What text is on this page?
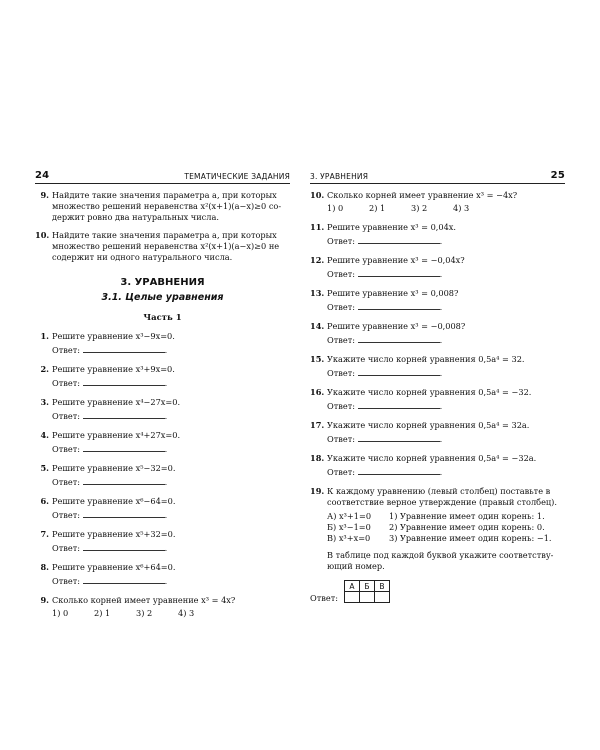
24	ТЕМАТИЧЕСКИЕ ЗАДАНИЯ

9. Найдите такие значения параметра a, при которых

множество решений неравенства x²(x+1)(a−x)≥0 со-

держит ровно два натуральных числа.

10. Найдите такие значения параметра a, при которых

множество решений неравенства x²(x+1)(a−x)≥0 не

содержит ни одного натурального числа.

3. УРАВНЕНИЯ
3.1. Целые уравнения
Часть 1

1. Решите уравнение x³−9x=0.

Ответ:	.

2. Решите уравнение x³+9x=0.

Ответ:	.

3. Решите уравнение x⁴−27x=0.

Ответ:	.

4. Решите уравнение x⁴+27x=0.

Ответ:	.

5. Решите уравнение x⁵−32=0.

Ответ:	.

6. Решите уравнение x⁶−64=0.

Ответ:	.

7. Решите уравнение x⁵+32=0.

Ответ:	.

8. Решите уравнение x⁶+64=0.

Ответ:	.

9. Сколько корней имеет уравнение x³ = 4x?

1) 0	2) 1	3) 2	4) 3
3. УРАВНЕНИЯ	25

10. Сколько корней имеет уравнение x³ = −4x?

1) 0	2) 1	3) 2	4) 3

11. Решите уравнение x³ = 0,04x.

Ответ:	.

12. Решите уравнение x³ = −0,04x?

Ответ:	.

13. Решите уравнение x³ = 0,008?

Ответ:	.

14. Решите уравнение x³ = −0,008?

Ответ:	.

15. Укажите число корней уравнения 0,5a⁴ = 32.

Ответ:	.

16. Укажите число корней уравнения 0,5a⁴ = −32.

Ответ:	.

17. Укажите число корней уравнения 0,5a⁴ = 32a.

Ответ:	.

18. Укажите число корней уравнения 0,5a⁴ = −32a.

Ответ:	.

19. К каждому уравнению (левый столбец) поставьте в

соответствие верное утверждение (правый столбец).

А) x³+1=0	1) Уравнение имеет один корень: 1.
Б) x³−1=0	2) Уравнение имеет один корень: 0.
В) x³+x=0	3) Уравнение имеет один корень: −1.

В таблице под каждой буквой укажите соответству-

ющий номер.

Ответ:
А	Б	В
